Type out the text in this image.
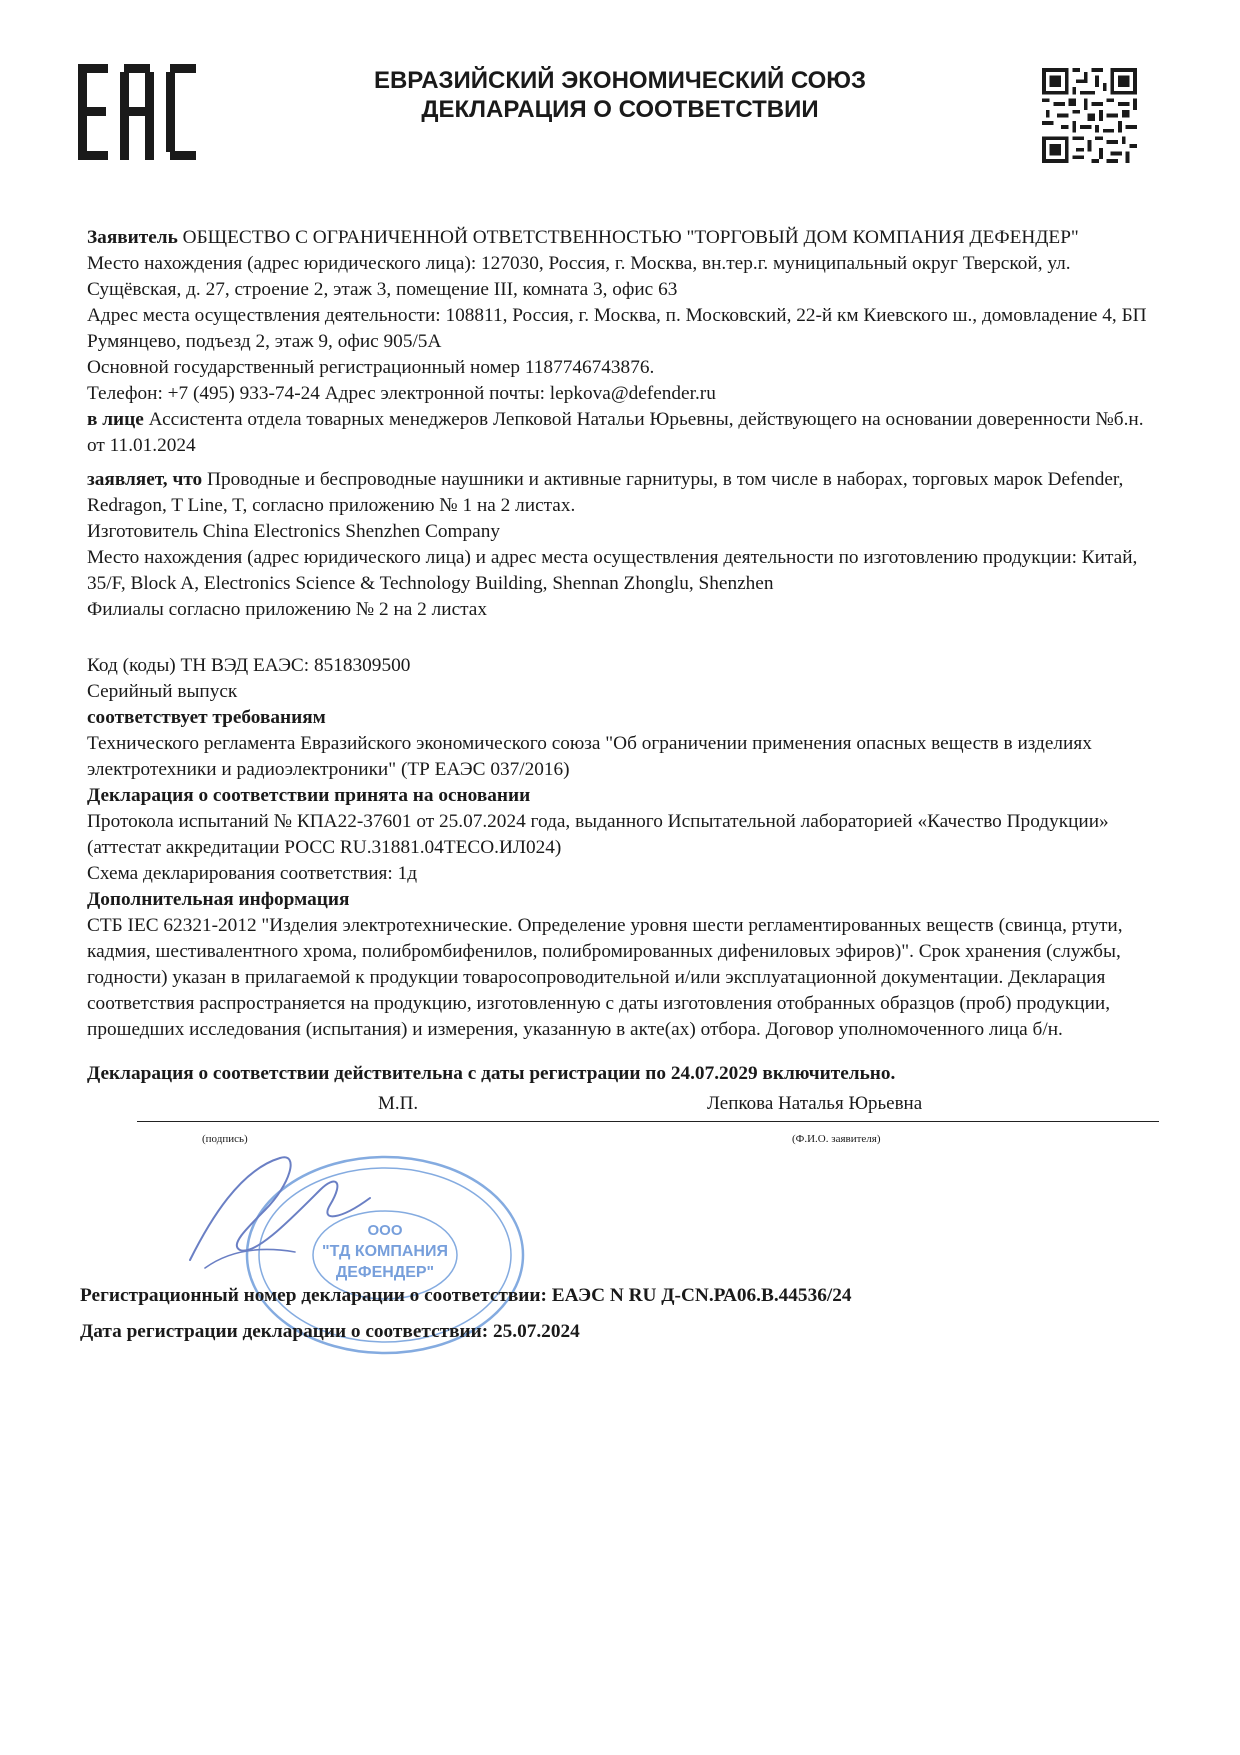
ЕВРАЗИЙСКИЙ ЭКОНОМИЧЕСКИЙ СОЮЗ
ДЕКЛАРАЦИЯ О СООТВЕТСТВИИ

Заявитель ОБЩЕСТВО С ОГРАНИЧЕННОЙ ОТВЕТСТВЕННОСТЬЮ "ТОРГОВЫЙ ДОМ КОМПАНИЯ ДЕФЕНДЕР"

Место нахождения (адрес юридического лица): 127030, Россия, г. Москва, вн.тер.г. муниципальный округ Тверской, ул. Сущёвская, д. 27, строение 2, этаж 3, помещение III, комната 3, офис 63

Адрес места осуществления деятельности: 108811, Россия, г. Москва, п. Московский, 22-й км Киевского ш., домовладение 4, БП Румянцево, подъезд 2, этаж 9, офис 905/5А

Основной государственный регистрационный номер 1187746743876.

Телефон: +7 (495) 933-74-24 Адрес электронной почты: lepkova@defender.ru

в лице Ассистента отдела товарных менеджеров Лепковой Натальи Юрьевны, действующего на основании доверенности №б.н. от 11.01.2024

заявляет, что Проводные и беспроводные наушники и активные гарнитуры, в том числе в наборах, торговых марок Defender, Redragon, T Line, T, согласно приложению № 1 на 2 листах.

Изготовитель China Electronics Shenzhen Company

Место нахождения (адрес юридического лица) и адрес места осуществления деятельности по изготовлению продукции: Китай, 35/F, Block A, Electronics Science & Technology Building, Shennan Zhonglu, Shenzhen

Филиалы согласно приложению № 2 на 2 листах

Код (коды) ТН ВЭД ЕАЭС: 8518309500

Серийный выпуск

соответствует требованиям

Технического регламента Евразийского экономического союза "Об ограничении применения опасных веществ в изделиях электротехники и радиоэлектроники" (ТР ЕАЭС 037/2016)

Декларация о соответствии принята на основании

Протокола испытаний № КПА22-37601 от 25.07.2024 года, выданного Испытательной лабораторией «Качество Продукции» (аттестат аккредитации РОСС RU.31881.04ТЕСО.ИЛ024)

Схема декларирования соответствия: 1д

Дополнительная информация

СТБ IEC 62321-2012 "Изделия электротехнические. Определение уровня шести регламентированных веществ (свинца, ртути, кадмия, шестивалентного хрома, полибромбифенилов, полибромированных дифениловых эфиров)". Срок хранения (службы, годности) указан в прилагаемой к продукции товаросопроводительной и/или эксплуатационной документации. Декларация соответствия распространяется на продукцию, изготовленную с даты изготовления отобранных образцов (проб) продукции, прошедших исследования (испытания) и измерения, указанную в акте(ах) отбора. Договор уполномоченного лица б/н.

Декларация о соответствии действительна с даты регистрации по 24.07.2029 включительно.

М.П.	Лепкова Наталья Юрьевна
(подпись)	(Ф.И.О. заявителя)
ООО
"ТД КОМПАНИЯ
ДЕФЕНДЕР"

Регистрационный номер декларации о соответствии: ЕАЭС N RU Д-CN.РА06.В.44536/24

Дата регистрации декларации о соответствии: 25.07.2024
